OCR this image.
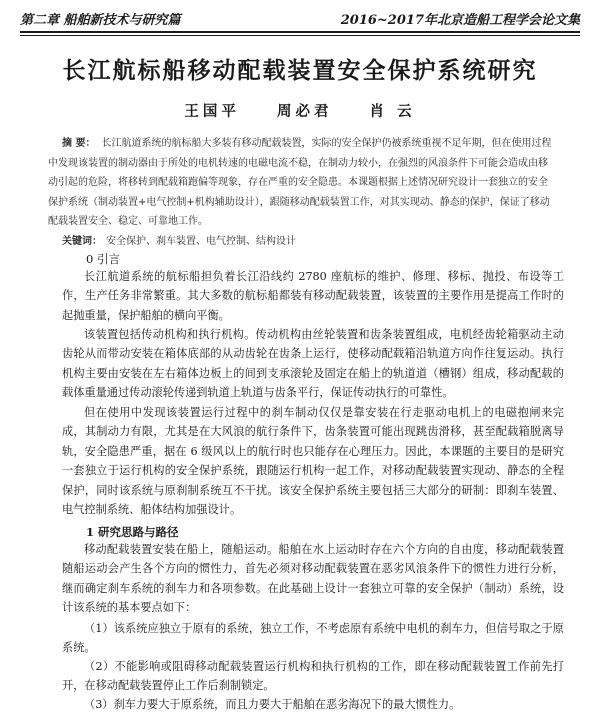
第二章 船舶新技术与研究篇	2016~2017年北京造船工程学会论文集
长江航标船移动配载装置安全保护系统研究
王国平	周必君	肖 云
摘 要： 长江航道系统的航标船大多装有移动配载装置，实际的安全保护仍被系统重视不足年期，但在使用过程中发现该装置的制动器由于所处的电机转速的电磁电流不稳，在制动力较小，在强烈的风浪条件下可能会造成由移动引起的危险，将移转到配载箱跑偏等现象，存在严重的安全隐患。本课题根据上述情况研究设计一套独立的安全保护系统（制动装置+电气控制+机构辅助设计），跟随移动配载装置工作，对其实现动、静态的保护，保证了移动配载装置安全、稳定、可靠地工作。
关键词： 安全保护、刹车装置、电气控制、结构设计
0 引言
长江航道系统的航标船担负着长江沿线约 2780 座航标的维护、修理、移标、抛投、布设等工作，生产任务非常繁重。其大多数的航标船都装有移动配载装置，该装置的主要作用是提高工作时的起抛重量，保护船舶的横向平衡。
该装置包括传动机构和执行机构。传动机构由丝轮装置和齿条装置组成，电机经齿轮箱驱动主动齿轮从而带动安装在箱体底部的从动齿轮在齿条上运行，使移动配载箱沿轨道方向作往复运动。执行机构主要由安装在左右箱体边板上的间到支承滚轮及固定在船上的轨道道（槽钢）组成，移动配载的载体重量通过传动滚轮传递到轨道上轨道与齿条平行，保证传动执行的可靠性。
但在使用中发现该装置运行过程中的刹车制动仅仅是靠安装在行走驱动电机上的电磁抱闸来完成，其制动力有限，尤其是在大风浪的航行条件下，齿条装置可能出现跳齿滑移，甚至配载箱脱离导轨，安全隐患严重，据在 6 级风以上的航行时也只能存在心理压力。因此，本课题的主要目的是研究一套独立于运行机构的安全保护系统，跟随运行机构一起工作，对移动配载装置实现动、静态的全程保护，同时该系统与原刹制系统互不干扰。该安全保护系统主要包括三大部分的研制：即刹车装置、电气控制系统、船体结构加强设计。
1 研究思路与路径
移动配载装置安装在船上，随船运动。船舶在水上运动时存在六个方向的自由度，移动配载装置随船运动会产生各个方向的惯性力，首先必须对移动配载装置在恶劣风浪条件下的惯性力进行分析，继而确定刹车系统的刹车力和各项参数。在此基础上设计一套独立可靠的安全保护（制动）系统，设计该系统的基本要点如下：
（1）该系统应独立于原有的系统，独立工作，不考虑原有系统中电机的刹车力，但信号取之于原系统。
（2）不能影响或阻碍移动配载装置运行机构和执行机构的工作，即在移动配载装置工作前先打开，在移动配载装置停止工作后刹制锁定。
（3）刹车力要大于原系统，而且力要大于船舶在恶劣海况下的最大惯性力。
